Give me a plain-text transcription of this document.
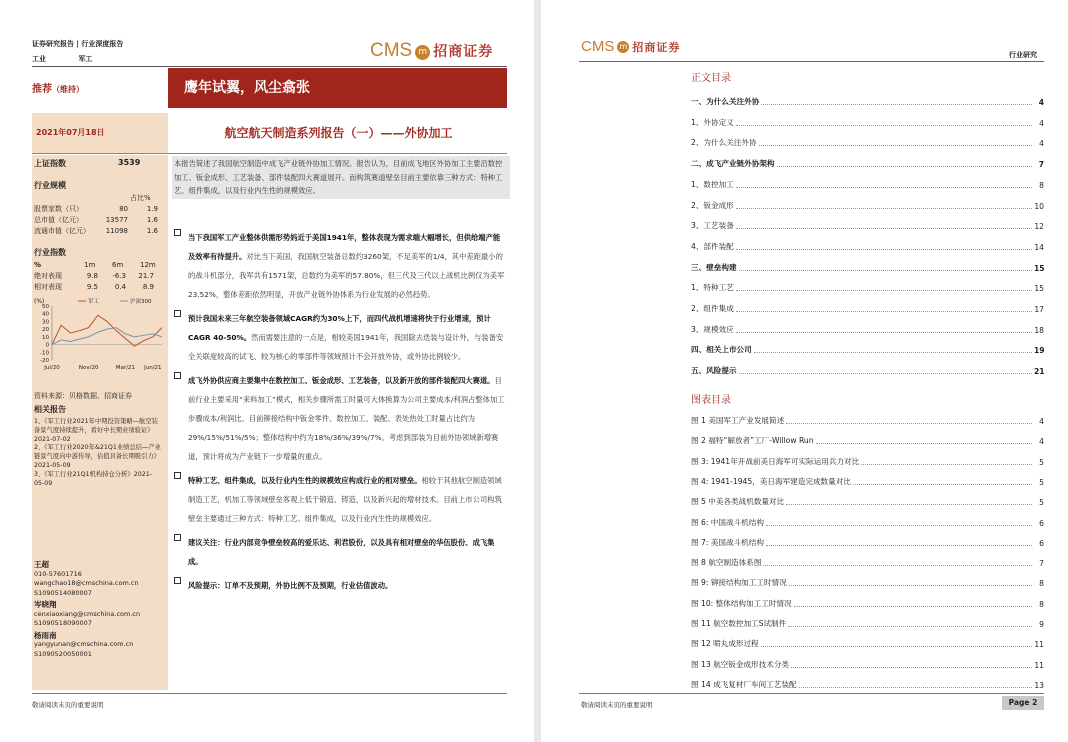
证券研究报告 | 行业深度报告
工业	军工	CMS m 招商证券
推荐（维持）	鹰年试翼，风尘翕张
2021年07月18日	航空航天制造系列报告（一）——外协加工
上证指数	3539
行业规模
占比%
股票家数（只）	80	1.9
总市值（亿元）	13577	1.6
流通市值（亿元）	11098	1.6
行业指数
%	1m 6m 12m
绝对表现	9.8	-6.3	21.7
相对表现	9.5	0.4	8.9
(%)
50
40
30
20
10
0
-10
-20
Jul/20	Nov/20	Mar/21 Jun/21
军工	沪深300
资料来源：贝格数据、招商证券
相关报告
1、《军工行业2021年中期投资策略—航空装备景气度持续提升，看好中长期业绩验证》2021-07-02
2、《军工行业2020年&21Q1业绩总结—产业链景气度向中游传导，估值具备长期吸引力》2021-05-09
3、《军工行业21Q1机构持仓分析》2021-05-09
王超
010-57601716
wangchao18@cmschina.com.cn
S1090514080007
岑晓翔
cenxiaoxiang@cmschina.com.cn
S1090518090007
杨雨南
yangyunan@cmschina.com.cn
S1090520050001
本报告简述了我国航空制造中成飞产业链外协加工情况。报告认为，目前成飞地区外协加工主要沿数控加工、钣金成形、工艺装备、部件装配四大赛道展开。而构筑赛道壁垒目前主要依靠三种方式：特种工艺、组件集成，以及行业内生性的规模效应。
当下我国军工产业整体供需形势妈近于美国1941年，整体表现为需求端大幅增长，但供给端产能及效率有待提升。对比当下美国，我国航空装备总数约3260架，不足美军的1/4，其中差距最小的的战斗机部分，我军共有1571架，总数约为美军的57.80%，但三代及三代以上战机比例仅为美军23.52%，整体差距依然明显，开放产业链外协体系为行业发展的必然趋势。
预计我国未来三年航空装备领域CAGR约为30%上下，而四代战机增速将快于行业增速，预计CAGR 40-50%。然而需要注意的一点是，相较美国1941年，我国除去迭装与设计外，与装备安全关联度较高的试飞、较为核心的零部件等领域预计不会开放外协，或外协比例较少。
成飞外协供应商主要集中在数控加工、钣金成形、工艺装备，以及新开放的部件装配四大赛道。目前行业主要采用“来料加工”模式，相关步骤所需工时量可大体换算为公司主要成本/利润占整体加工步骤成本/利润比。目前铆接结构中钣金零件、数控加工、装配、表处热处工时量占比约为29%/15%/51%/5%；整体结构中约为18%/36%/39%/7%。考虑到部装为目前外协领域新增赛道，预计将成为产业链下一步增量的重点。
特种工艺、组件集成，以及行业内生性的规模效应构成行业的相对壁垒。相较于其他航空制造领域制造工艺，机加工等领域壁垒客观上低于锻造、铸造，以及新兴起的增材技术。目前上市公司构筑壁垒主要通过三种方式：特种工艺、组件集成，以及行业内生性的规模效应。
建议关注：行业内部竞争壁垒较高的爱乐达、利君股份，以及具有相对壁垒的华伍股份、成飞集成。
风险提示：订单不及预期，外协比例不及预期，行业估值波动。
敬请阅读末页的重要说明
CMS m 招商证券
行业研究
正文目录
图表目录
敬请阅读末页的重要说明	Page 2
一、为什么关注外协	4
1、外协定义	4
2、为什么关注外协	4
二、成飞产业链外协架构	7
1、数控加工	8
2、钣金成形	10
3、工艺装备	12
4、部件装配	14
三、壁垒构建	15
1、特种工艺	15
2、组件集成	17
3、规模效应	18
四、相关上市公司	19
五、风险提示	21
图 1 美国军工产业发展简述	4
图 2 福特“解放者”工厂-Willow Run	4
图 3: 1941年开战前美日海军可实际运用兵力对比	5
图 4: 1941-1945，美日海军建造完成数量对比	5
图 5 中美各类战机数量对比	5
图 6: 中国战斗机结构	6
图 7: 美国战斗机结构	6
图 8 航空制造体系图	7
图 9: 铆接结构加工工时情况	8
图 10: 整体结构加工工时情况	8
图 11 航空数控加工S试制件	9
图 12 喷丸成形过程	11
图 13 航空钣金成形技术分类	11
图 14 成飞复材厂车间工艺装配	13
